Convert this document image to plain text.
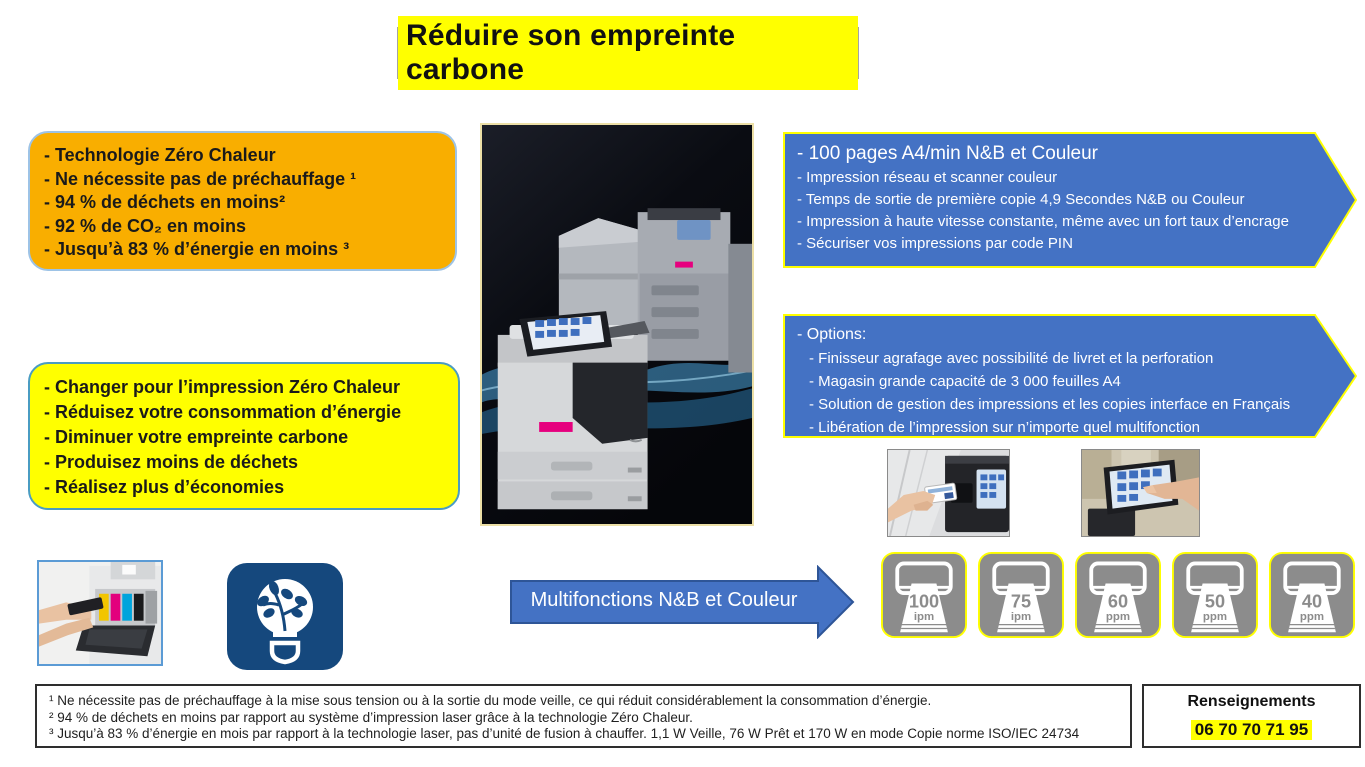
Réduire son empreinte carbone
- Technologie Zéro Chaleur
- Ne nécessite pas de préchauffage ¹
- 94 % de déchets en moins²
- 92 % de CO₂ en moins
- Jusqu’à 83 % d’énergie en moins ³
- Changer pour l’impression Zéro Chaleur
- Réduisez votre consommation d’énergie
- Diminuer votre empreinte carbone
- Produisez moins de déchets
- Réalisez plus d’économies
- 100 pages A4/min N&B et Couleur
- Impression réseau et scanner couleur
- Temps de sortie de première copie 4,9 Secondes N&B ou Couleur
- Impression à haute vitesse constante, même avec un fort taux d’encrage
- Sécuriser vos impressions par code PIN
- Options:
- Finisseur agrafage avec possibilité de livret et la perforation
- Magasin grande capacité de 3 000 feuilles A4
- Solution de gestion des impressions et les copies interface en Français
- Libération de l’impression sur n’importe quel multifonction
Multifonctions N&B et Couleur	100
ipm
75
ipm
60
ppm
50
ppm
40
ppm
¹ Ne nécessite pas de préchauffage à la mise sous tension ou à la sortie du mode veille, ce qui réduit considérablement la consommation d’énergie.
² 94 % de déchets en moins par rapport au système d’impression laser grâce à la technologie Zéro Chaleur.
³ Jusqu’à 83 % d’énergie en mois par rapport à la technologie laser, pas d’unité de fusion à chauffer. 1,1 W Veille, 76 W Prêt et 170 W en mode Copie norme ISO/IEC 24734
Renseignements
06 70 70 71 95
